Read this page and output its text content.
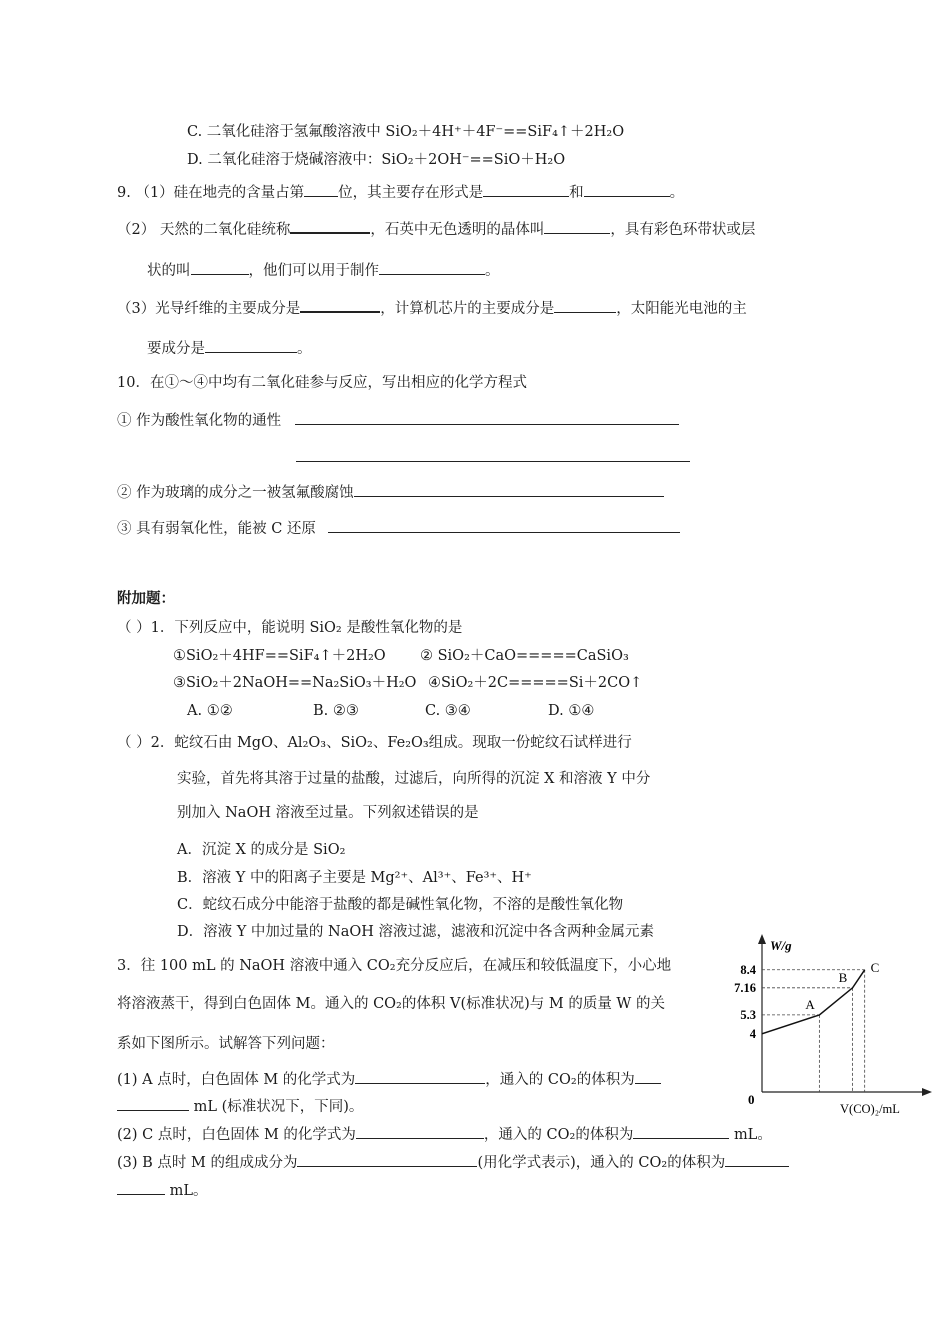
C. 二氧化硅溶于氢氟酸溶液中 SiO₂＋4H⁺＋4F⁻==SiF₄↑＋2H₂O
D. 二氧化硅溶于烧碱溶液中：SiO₂＋2OH⁻==SiO＋H₂O
9. （1）硅在地壳的含量占第 位，其主要存在形式是	和	。
（2） 天然的二氧化硅统称	，石英中无色透明的晶体叫	，具有彩色环带状或层
状的叫	，他们可以用于制作	。
（3）光导纤维的主要成分是	，计算机芯片的主要成分是	，太阳能光电池的主
要成分是	。
10．在①～④中均有二氧化硅参与反应，写出相应的化学方程式
① 作为酸性氧化物的通性
② 作为玻璃的成分之一被氢氟酸腐蚀
③ 具有弱氧化性，能被 C 还原
附加题：
（ ）1．下列反应中，能说明 SiO₂ 是酸性氧化物的是
①SiO₂＋4HF==SiF₄↑＋2H₂O ② SiO₂＋CaO=====CaSiO₃
③SiO₂＋2NaOH==Na₂SiO₃＋H₂O ④SiO₂＋2C=====Si＋2CO↑
A. ①②	B. ②③	C. ③④	D. ①④
（ ）2．蛇纹石由 MgO、Al₂O₃、SiO₂、Fe₂O₃组成。现取一份蛇纹石试样进行
实验，首先将其溶于过量的盐酸，过滤后，向所得的沉淀 X 和溶液 Y 中分
别加入 NaOH 溶液至过量。下列叙述错误的是
A．沉淀 X 的成分是 SiO₂
B．溶液 Y 中的阳离子主要是 Mg²⁺、Al³⁺、Fe³⁺、H⁺
C．蛇纹石成分中能溶于盐酸的都是碱性氧化物，不溶的是酸性氧化物
D．溶液 Y 中加过量的 NaOH 溶液过滤，滤液和沉淀中各含两种金属元素
3．往 100 mL 的 NaOH 溶液中通入 CO₂充分反应后，在减压和较低温度下，小心地
将溶液蒸干，得到白色固体 M。通入的 CO₂的体积 V(标准状况)与 M 的质量 W 的关
系如下图所示。试解答下列问题：
(1) A 点时，白色固体 M 的化学式为	，通入的 CO₂的体积为
mL (标准状况下，下同)。
(2) C 点时，白色固体 M 的化学式为	，通入的 CO₂的体积为	mL。
(3) B 点时 M 的组成成分为	(用化学式表示)，通入的 CO₂的体积为
mL。
W/g
V(CO)₂/mL
0
8.4
7.16
5.3
4
A
B
C
